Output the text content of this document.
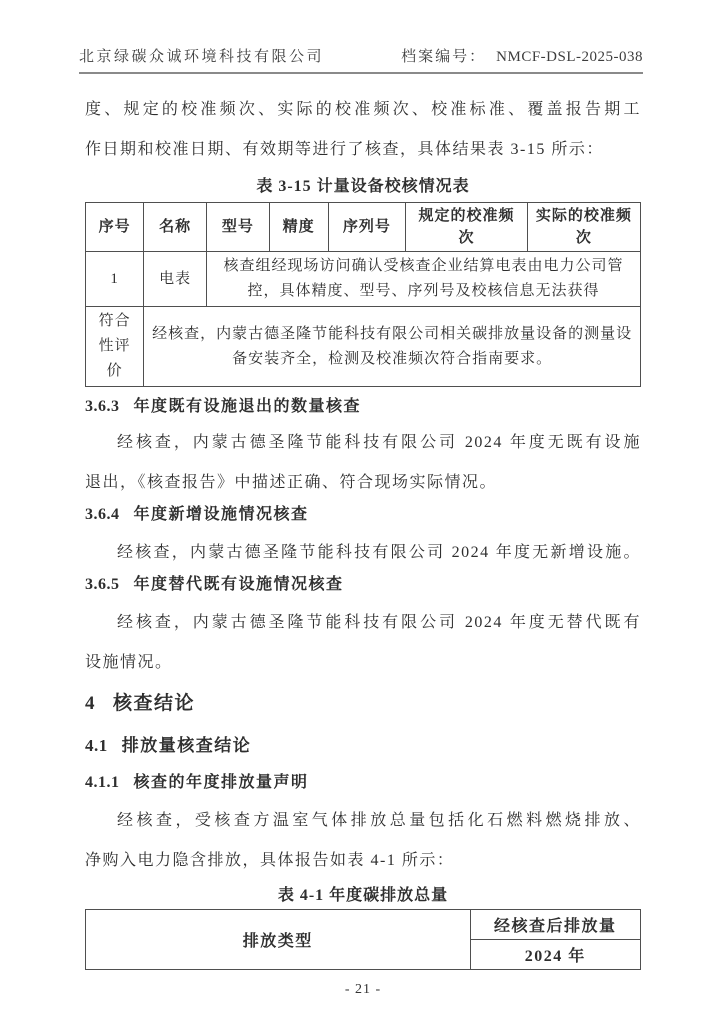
北京绿碳众诚环境科技有限公司	档案编号： NMCF-DSL-2025-038
度、规定的校准频次、实际的校准频次、校准标准、覆盖报告期工
作日期和校准日期、有效期等进行了核查，具体结果表 3-15 所示：
表 3-15 计量设备校核情况表
序号	名称	型号	精度	序列号	规定的校准频次	实际的校准频次
1	电表	核查组经现场访问确认受核查企业结算电表由电力公司管控，具体精度、型号、序列号及校核信息无法获得				
符合性评价	经核查，内蒙古德圣隆节能科技有限公司相关碳排放量设备的测量设备安装齐全，检测及校准频次符合指南要求。					
3.6.3 年度既有设施退出的数量核查
经核查，内蒙古德圣隆节能科技有限公司 2024 年度无既有设施
退出，《核查报告》中描述正确、符合现场实际情况。
3.6.4 年度新增设施情况核查
经核查，内蒙古德圣隆节能科技有限公司 2024 年度无新增设施。
3.6.5 年度替代既有设施情况核查
经核查，内蒙古德圣隆节能科技有限公司 2024 年度无替代既有
设施情况。
4 核查结论
4.1 排放量核查结论
4.1.1 核查的年度排放量声明
经核查，受核查方温室气体排放总量包括化石燃料燃烧排放、
净购入电力隐含排放，具体报告如表 4-1 所示：
表 4-1 年度碳排放总量
排放类型	经核查后排放量
2024 年
- 21 -
